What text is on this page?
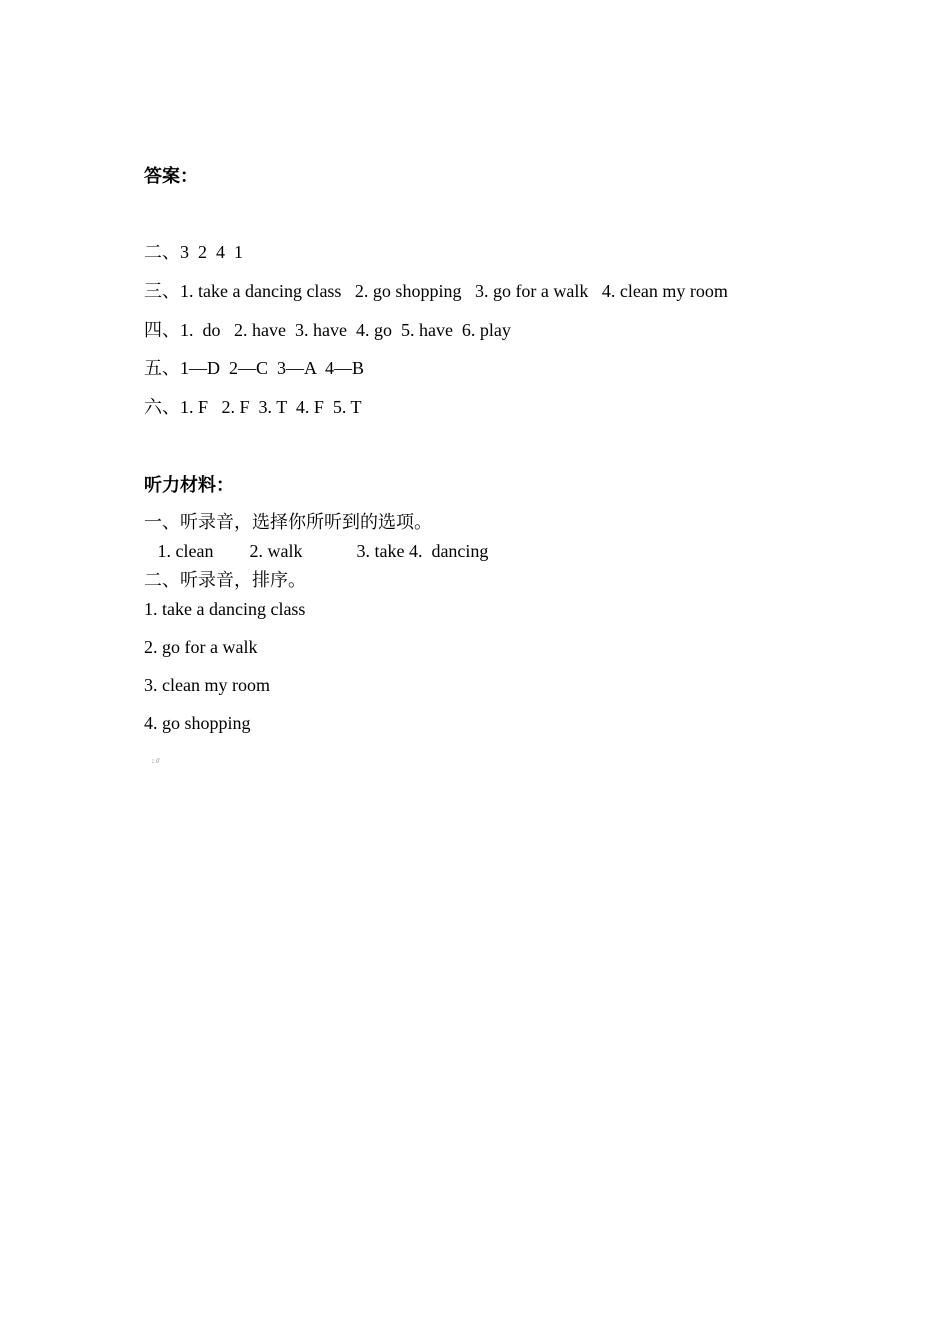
答案：
二、3  2  4  1
三、1. take a dancing class   2. go shopping   3. go for a walk   4. clean my room
四、1.  do   2. have  3. have  4. go  5. have  6. play
五、1—D  2—C  3—A  4—B
六、1. F   2. F  3. T  4. F  5. T
听力材料：
一、听录音，选择你所听到的选项。
1. clean        2. walk            3. take 4.  dancing
二、听录音，排序。
1. take a dancing class
2. go for a walk
3. clean my room
4. go shopping
: //
